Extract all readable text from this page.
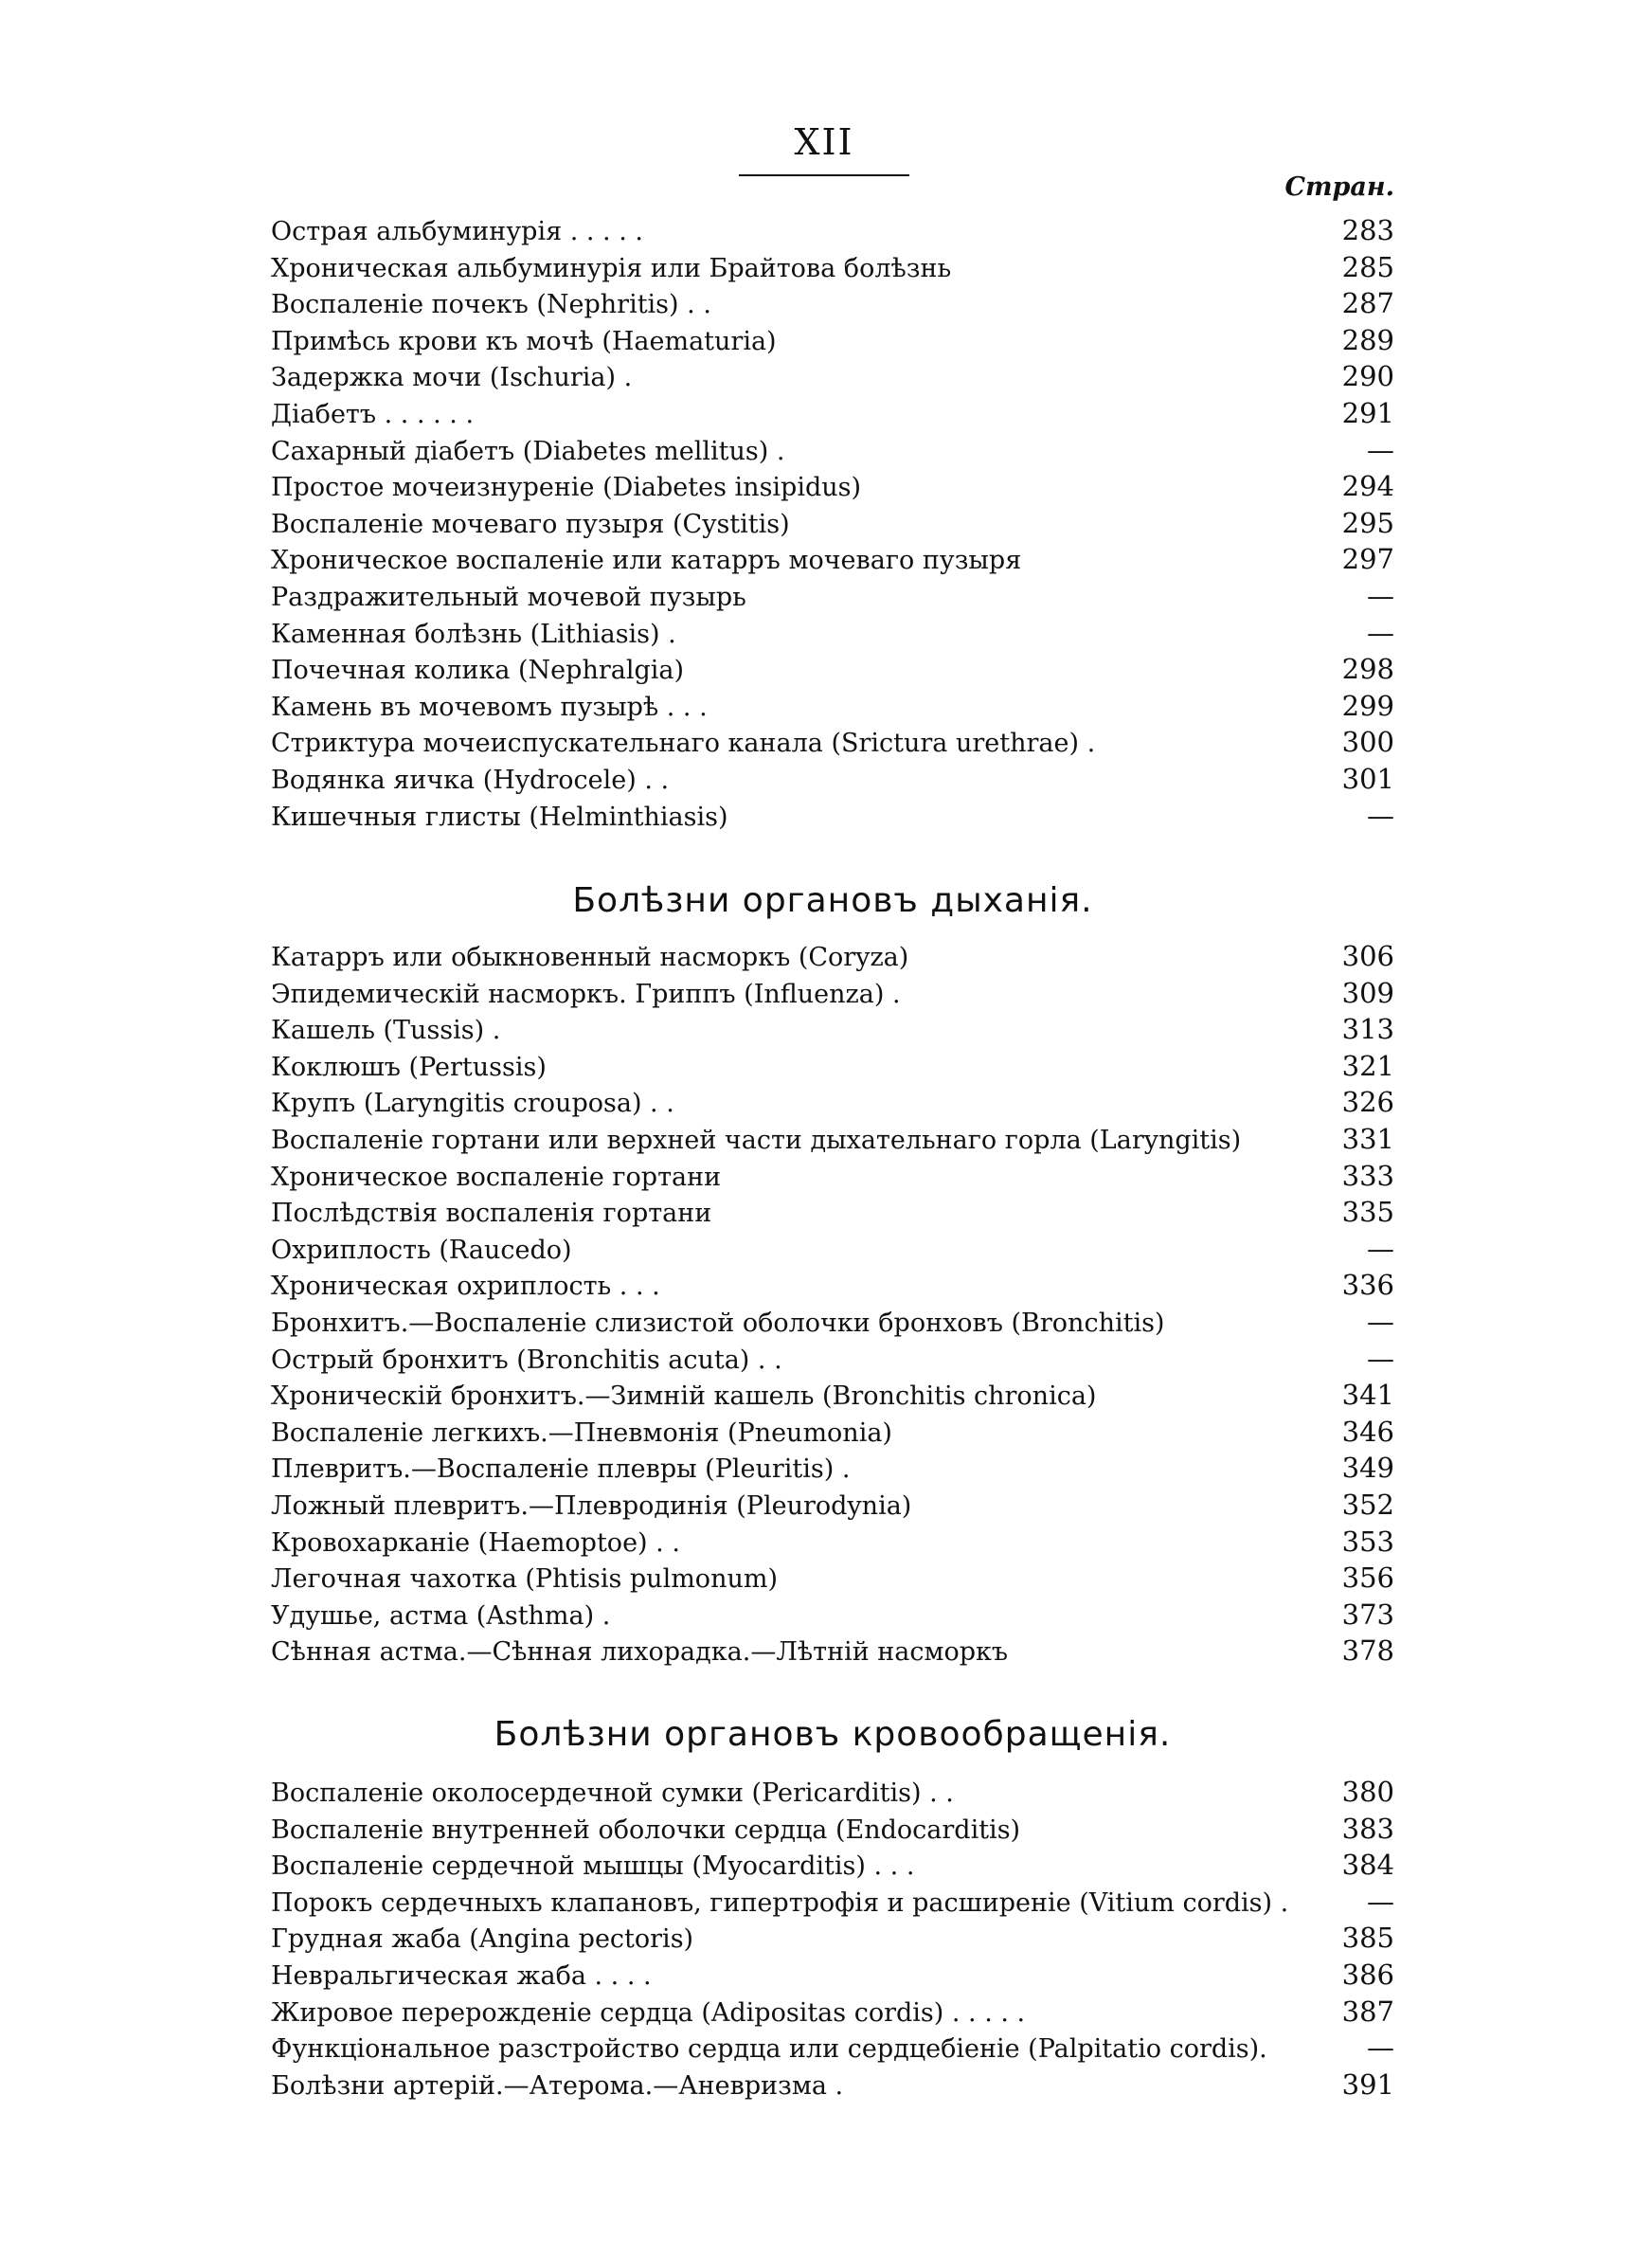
XII
Стран.
Острая альбуминурія . . . . .	283
Хроническая альбуминурія или Брайтова болѣзнь	285
Воспаленіе почекъ (Nephritis) . .	287
Примѣсь крови къ мочѣ (Haematuria)	289
Задержка мочи (Ischuria) .	290
Діабетъ . . . . . .	291
Сахарный діабетъ (Diabetes mellitus) .	—
Простое мочеизнуреніе (Diabetes insipidus)	294
Воспаленіе мочеваго пузыря (Cystitis)	295
Хроническое воспаленіе или катарръ мочеваго пузыря	297
Раздражительный мочевой пузырь	—
Каменная болѣзнь (Lithiasis) .	—
Почечная колика (Nephralgia)	298
Камень въ мочевомъ пузырѣ . . .	299
Стриктура мочеиспускательнаго канала (Srictura urethrae) .	300
Водянка яичка (Hydrocele) . .	301
Кишечныя глисты (Helminthiasis)	—
Болѣзни органовъ дыханія.
Катарръ или обыкновенный насморкъ (Coryza)	306
Эпидемическій насморкъ. Гриппъ (Influenza) .	309
Кашель (Tussis) .	313
Коклюшъ (Pertussis)	321
Крупъ (Laryngitis crouposa) . .	326
Воспаленіе гортани или верхней части дыхательнаго горла (Laryngitis)	331
Хроническое воспаленіе гортани	333
Послѣдствія воспаленія гортани	335
Охриплость (Raucedo)	—
Хроническая охриплость . . .	336
Бронхитъ.—Воспаленіе слизистой оболочки бронховъ (Bronchitis)	—
Острый бронхитъ (Bronchitis acuta) . .	—
Хроническій бронхитъ.—Зимній кашель (Bronchitis chronica)	341
Воспаленіе легкихъ.—Пневмонія (Pneumonia)	346
Плевритъ.—Воспаленіе плевры (Pleuritis) .	349
Ложный плевритъ.—Плевродинія (Pleurodynia)	352
Кровохарканіе (Haemoptoe) . .	353
Легочная чахотка (Phtisis pulmonum)	356
Удушье, астма (Asthma) .	373
Сѣнная астма.—Сѣнная лихорадка.—Лѣтній насморкъ	378
Болѣзни органовъ кровообращенія.
Воспаленіе околосердечной сумки (Pericarditis) . .	380
Воспаленіе внутренней оболочки сердца (Endocarditis)	383
Воспаленіе сердечной мышцы (Myocarditis) . . .	384
Порокъ сердечныхъ клапановъ, гипертрофія и расширеніе (Vitium cordis) .	—
Грудная жаба (Angina pectoris)	385
Невральгическая жаба . . . .	386
Жировое перерожденіе сердца (Adipositas cordis) . . . . .	387
Функціональное разстройство сердца или сердцебіеніе (Palpitatio cordis).	—
Болѣзни артерій.—Атерома.—Аневризма .	391
